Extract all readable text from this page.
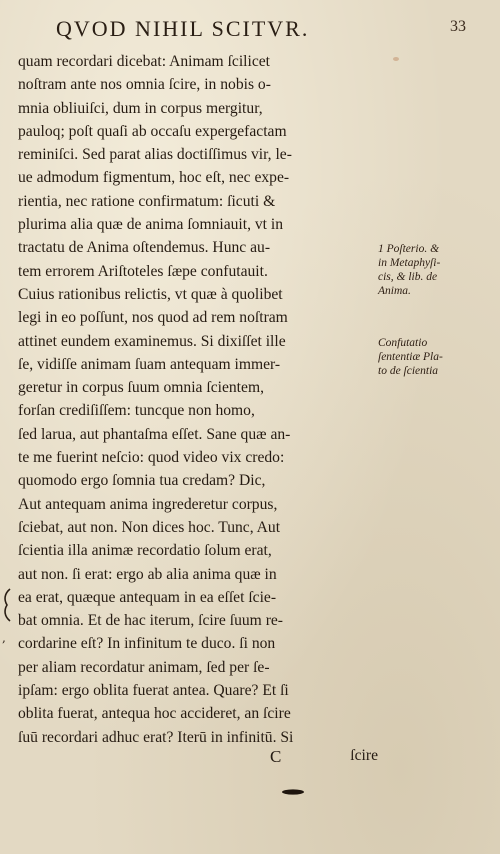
QVOD NIHIL SCITVR.	33
quam recordari dicebat: Animam ſcilicet
noſtram ante nos omnia ſcire, in nobis o-
mnia obliuiſci, dum in corpus mergitur,
pauloq; poſt quaſi ab occaſu expergefactam
reminiſci. Sed parat alias doctiſſimus vir, le-
ue admodum figmentum, hoc eſt, nec expe-
rientia, nec ratione confirmatum: ſicuti &
plurima alia quæ de anima ſomniauit, vt in
tractatu de Anima oſtendemus. Hunc au-
tem errorem Ariſtoteles ſæpe confutauit.
Cuius rationibus relictis, vt quæ à quolibet
legi in eo poſſunt, nos quod ad rem noſtram
attinet eundem examinemus. Si dixiſſet ille
ſe, vidiſſe animam ſuam antequam immer-
geretur in corpus ſuum omnia ſcientem,
forſan crediſiſſem: tuncque non homo,
ſed larua, aut phantaſma eſſet. Sane quæ an-
te me fuerint neſcio: quod video vix credo:
quomodo ergo ſomnia tua credam? Dic,
Aut antequam anima ingrederetur corpus,
ſciebat, aut non. Non dices hoc. Tunc, Aut
ſcientia illa animæ recordatio ſolum erat,
aut non. ſi erat: ergo ab alia anima quæ in
ea erat, quæque antequam in ea eſſet ſcie-
bat omnia. Et de hac iterum, ſcire ſuum re-
cordarine eſt? In infinitum te duco. ſi non
per aliam recordatur animam, ſed per ſe-
ipſam: ergo oblita fuerat antea. Quare? Et ſi
oblita fuerat, antequa hoc accideret, an ſcire
ſuū recordari adhuc erat? Iterū in infinitū. Si
1 Poſterio. &
in Metaphyſi-
cis, & lib. de
Anima.
Confutatio
ſententiæ Pla-
to de ſcientia
,
C	ſcire
